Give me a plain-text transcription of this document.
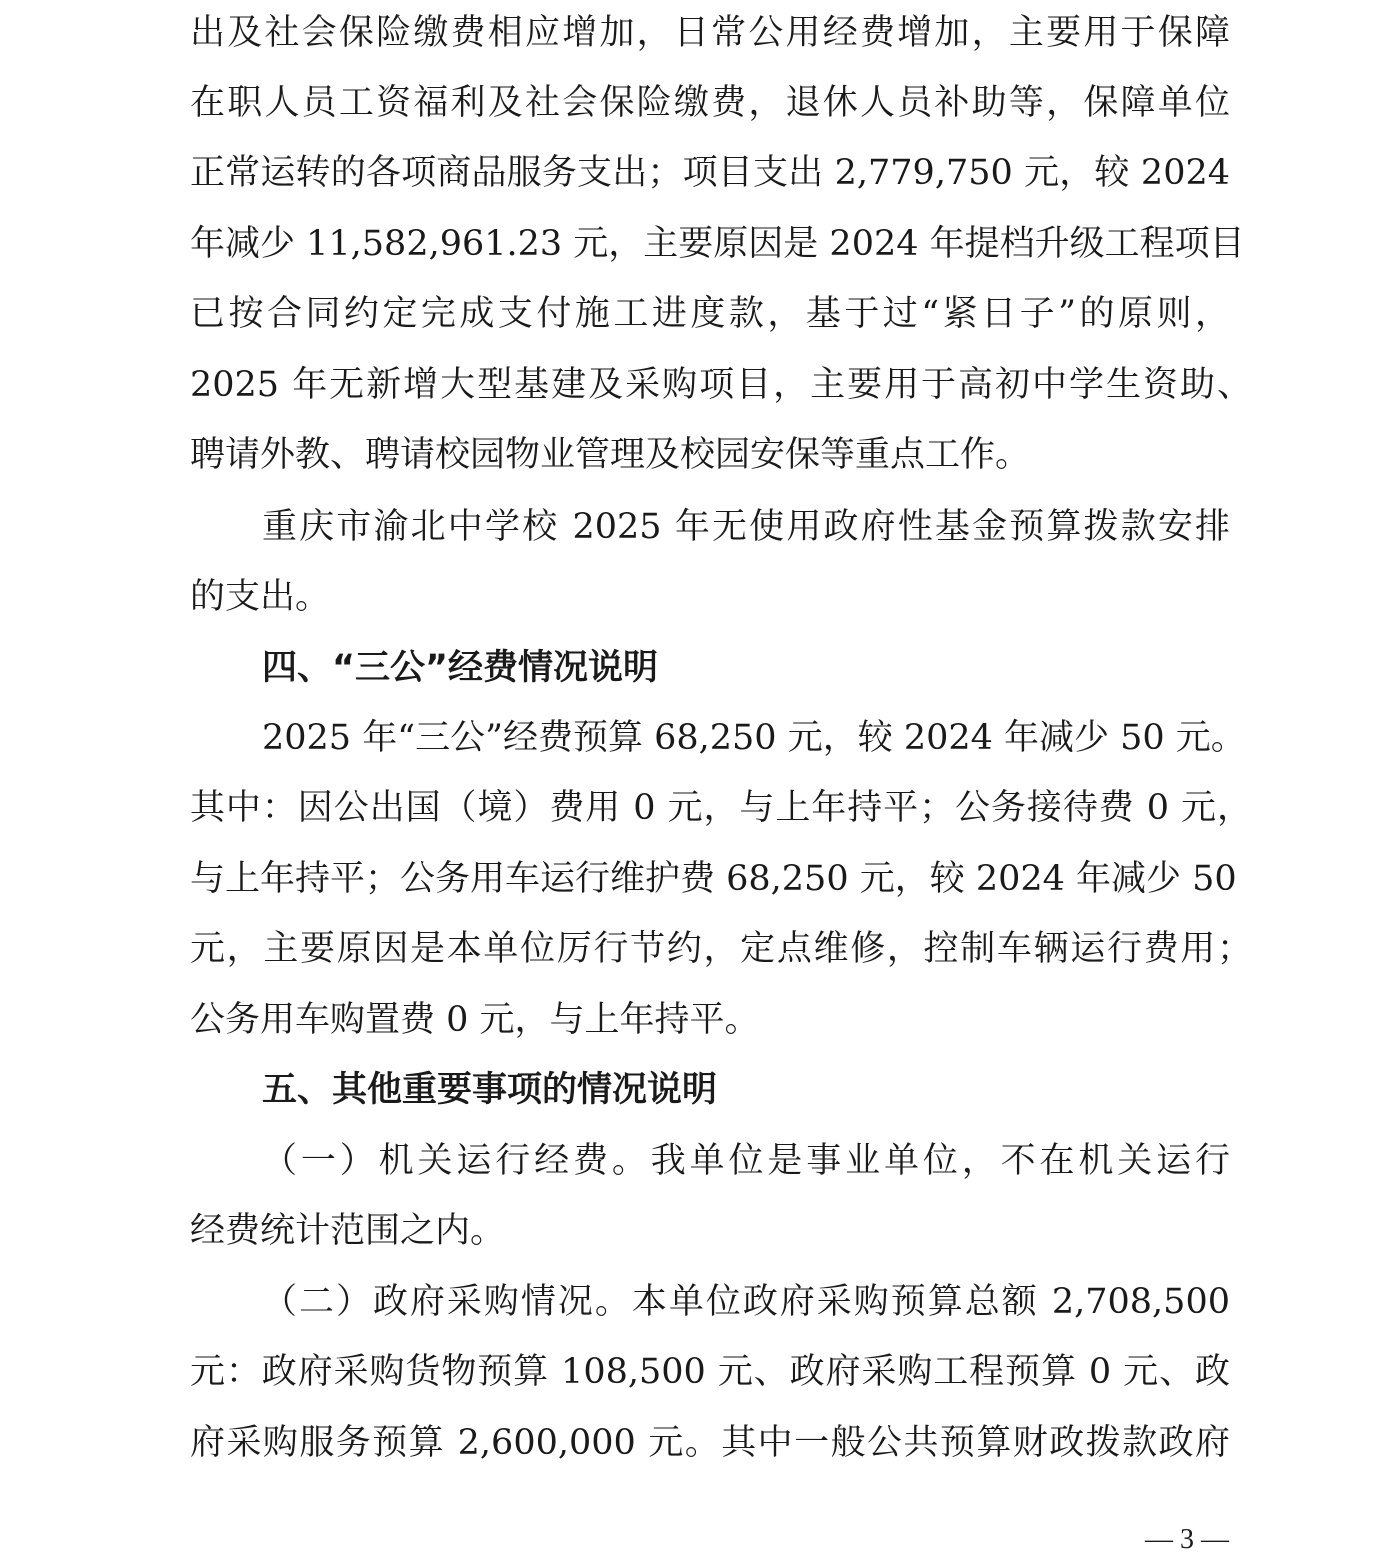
出及社会保险缴费相应增加，日常公用经费增加，主要用于保障
在职人员工资福利及社会保险缴费，退休人员补助等，保障单位
正常运转的各项商品服务支出；项目支出 2,779,750 元，较 2024
年减少 11,582,961.23 元，主要原因是 2024 年提档升级工程项目
已按合同约定完成支付施工进度款，基于过“紧日子”的原则，
2025 年无新增大型基建及采购项目，主要用于高初中学生资助、
聘请外教、聘请校园物业管理及校园安保等重点工作。
重庆市渝北中学校 2025 年无使用政府性基金预算拨款安排
的支出。
四、“三公”经费情况说明
2025 年“三公”经费预算 68,250 元，较 2024 年减少 50 元。
其中：因公出国（境）费用 0 元，与上年持平；公务接待费 0 元，
与上年持平；公务用车运行维护费 68,250 元，较 2024 年减少 50
元，主要原因是本单位厉行节约，定点维修，控制车辆运行费用；
公务用车购置费 0 元，与上年持平。
五、其他重要事项的情况说明
（一）机关运行经费。我单位是事业单位，不在机关运行
经费统计范围之内。
（二）政府采购情况。本单位政府采购预算总额 2,708,500
元：政府采购货物预算 108,500 元、政府采购工程预算 0 元、政
府采购服务预算 2,600,000 元。其中一般公共预算财政拨款政府
— 3 —
